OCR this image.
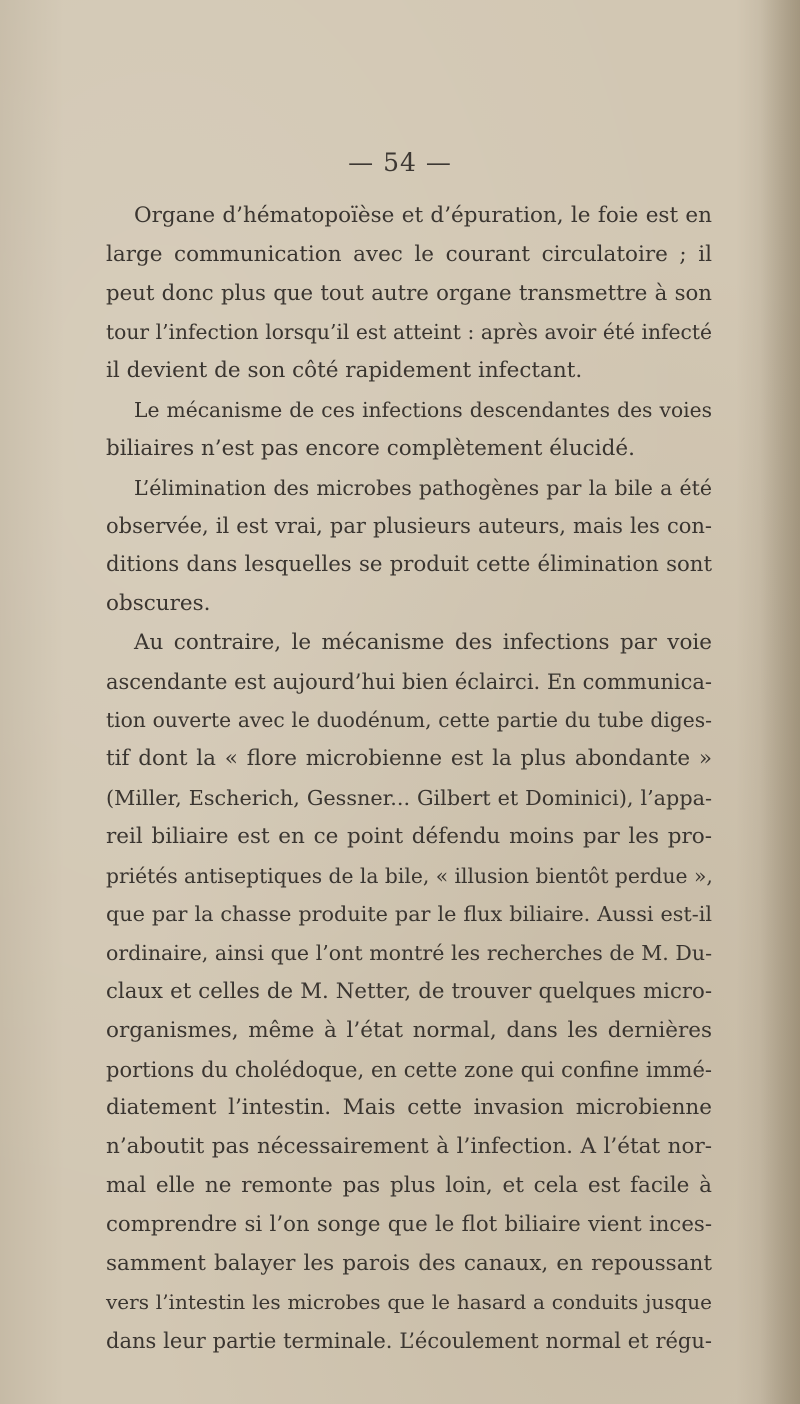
— 54 —
Organe d’hématopoïèse et d’épuration, le foie est en
large communication avec le courant circulatoire ; il
peut donc plus que tout autre organe transmettre à son
tour l’infection lorsqu’il est atteint : après avoir été infecté
il devient de son côté rapidement infectant.
Le mécanisme de ces infections descendantes des voies
biliaires n’est pas encore complètement élucidé.
L’élimination des microbes pathogènes par la bile a été
observée, il est vrai, par plusieurs auteurs, mais les con-
ditions dans lesquelles se produit cette élimination sont
obscures.
Au contraire, le mécanisme des infections par voie
ascendante est aujourd’hui bien éclairci. En communica-
tion ouverte avec le duodénum, cette partie du tube diges-
tif dont la « flore microbienne est la plus abondante »
(Miller, Escherich, Gessner... Gilbert et Dominici), l’appa-
reil biliaire est en ce point défendu moins par les pro-
priétés antiseptiques de la bile, « illusion bientôt perdue »,
que par la chasse produite par le flux biliaire. Aussi est-il
ordinaire, ainsi que l’ont montré les recherches de M. Du-
claux et celles de M. Netter, de trouver quelques micro-
organismes, même à l’état normal, dans les dernières
portions du cholédoque, en cette zone qui confine immé-
diatement l’intestin. Mais cette invasion microbienne
n’aboutit pas nécessairement à l’infection. A l’état nor-
mal elle ne remonte pas plus loin, et cela est facile à
comprendre si l’on songe que le flot biliaire vient inces-
samment balayer les parois des canaux, en repoussant
vers l’intestin les microbes que le hasard a conduits jusque
dans leur partie terminale. L’écoulement normal et régu-
